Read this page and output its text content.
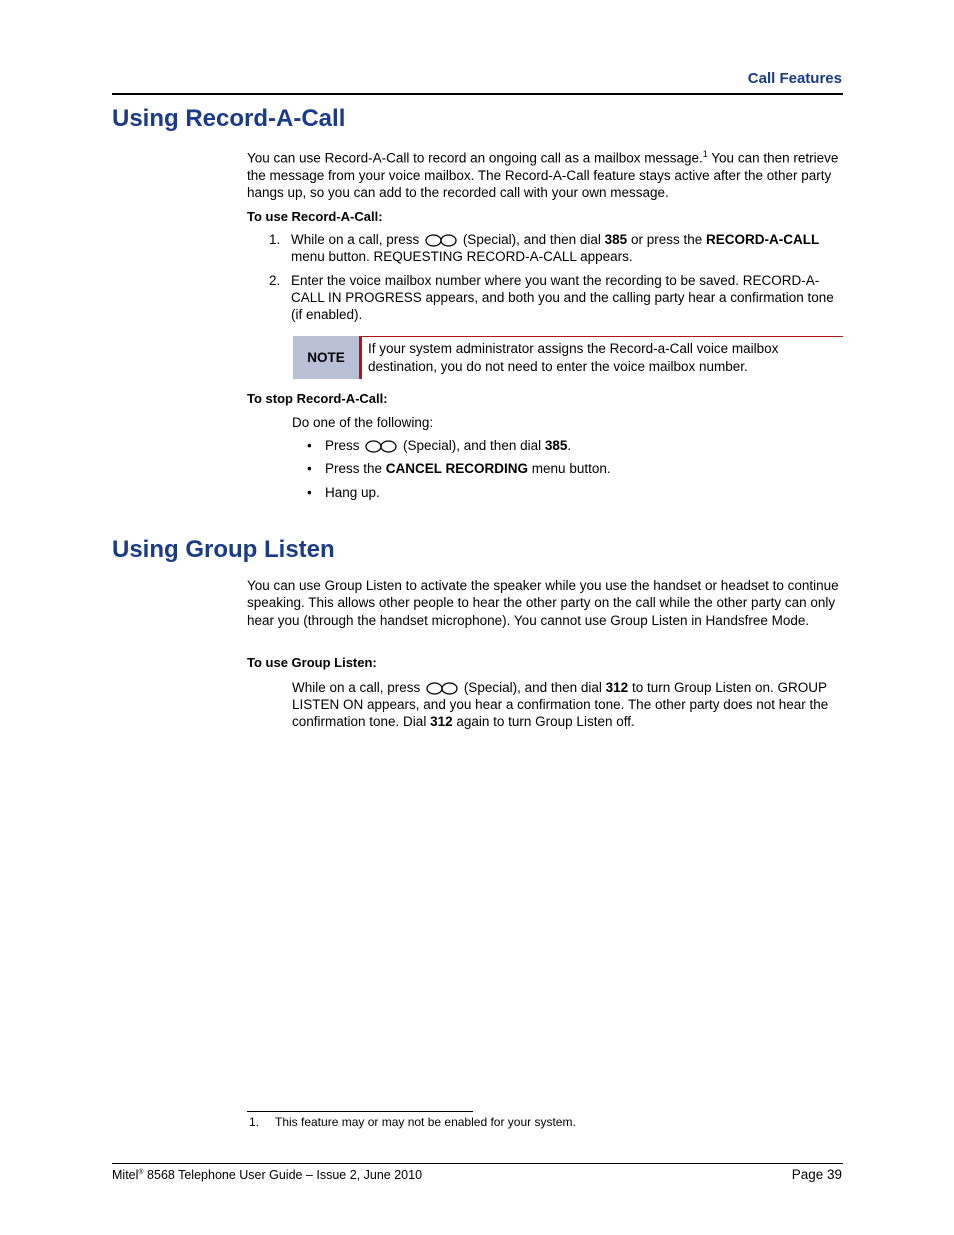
Call Features
Using Record-A-Call
You can use Record-A-Call to record an ongoing call as a mailbox message.$^1$ You can then retrieve the message from your voice mailbox. The Record-A-Call feature stays active after the other party hangs up, so you can add to the recorded call with your own message.
To use Record-A-Call:
1. While on a call, press	(Special), and then dial 385 or press the RECORD-A-CALL
menu button. REQUESTING RECORD-A-CALL appears.
2. Enter the voice mailbox number where you want the recording to be saved. RECORD-A-CALL IN PROGRESS appears, and both you and the calling party hear a confirmation tone (if enabled).
NOTE
If your system administrator assigns the Record-a-Call voice mailbox destination, you do not need to enter the voice mailbox number.
To stop Record-A-Call:
Do one of the following:
• Press	(Special), and then dial 385.
• Press the CANCEL RECORDING menu button.
• Hang up.
Using Group Listen
You can use Group Listen to activate the speaker while you use the handset or headset to continue speaking. This allows other people to hear the other party on the call while the other party can only hear you (through the handset microphone). You cannot use Group Listen in Handsfree Mode.
To use Group Listen:
While on a call, press	(Special), and then dial 312 to turn Group Listen on. GROUP LISTEN ON appears, and you hear a confirmation tone. The other party does not hear the confirmation tone. Dial 312 again to turn Group Listen off.
1. This feature may or may not be enabled for your system.
Mitel® 8568 Telephone User Guide – Issue 2, June 2010	Page 39
